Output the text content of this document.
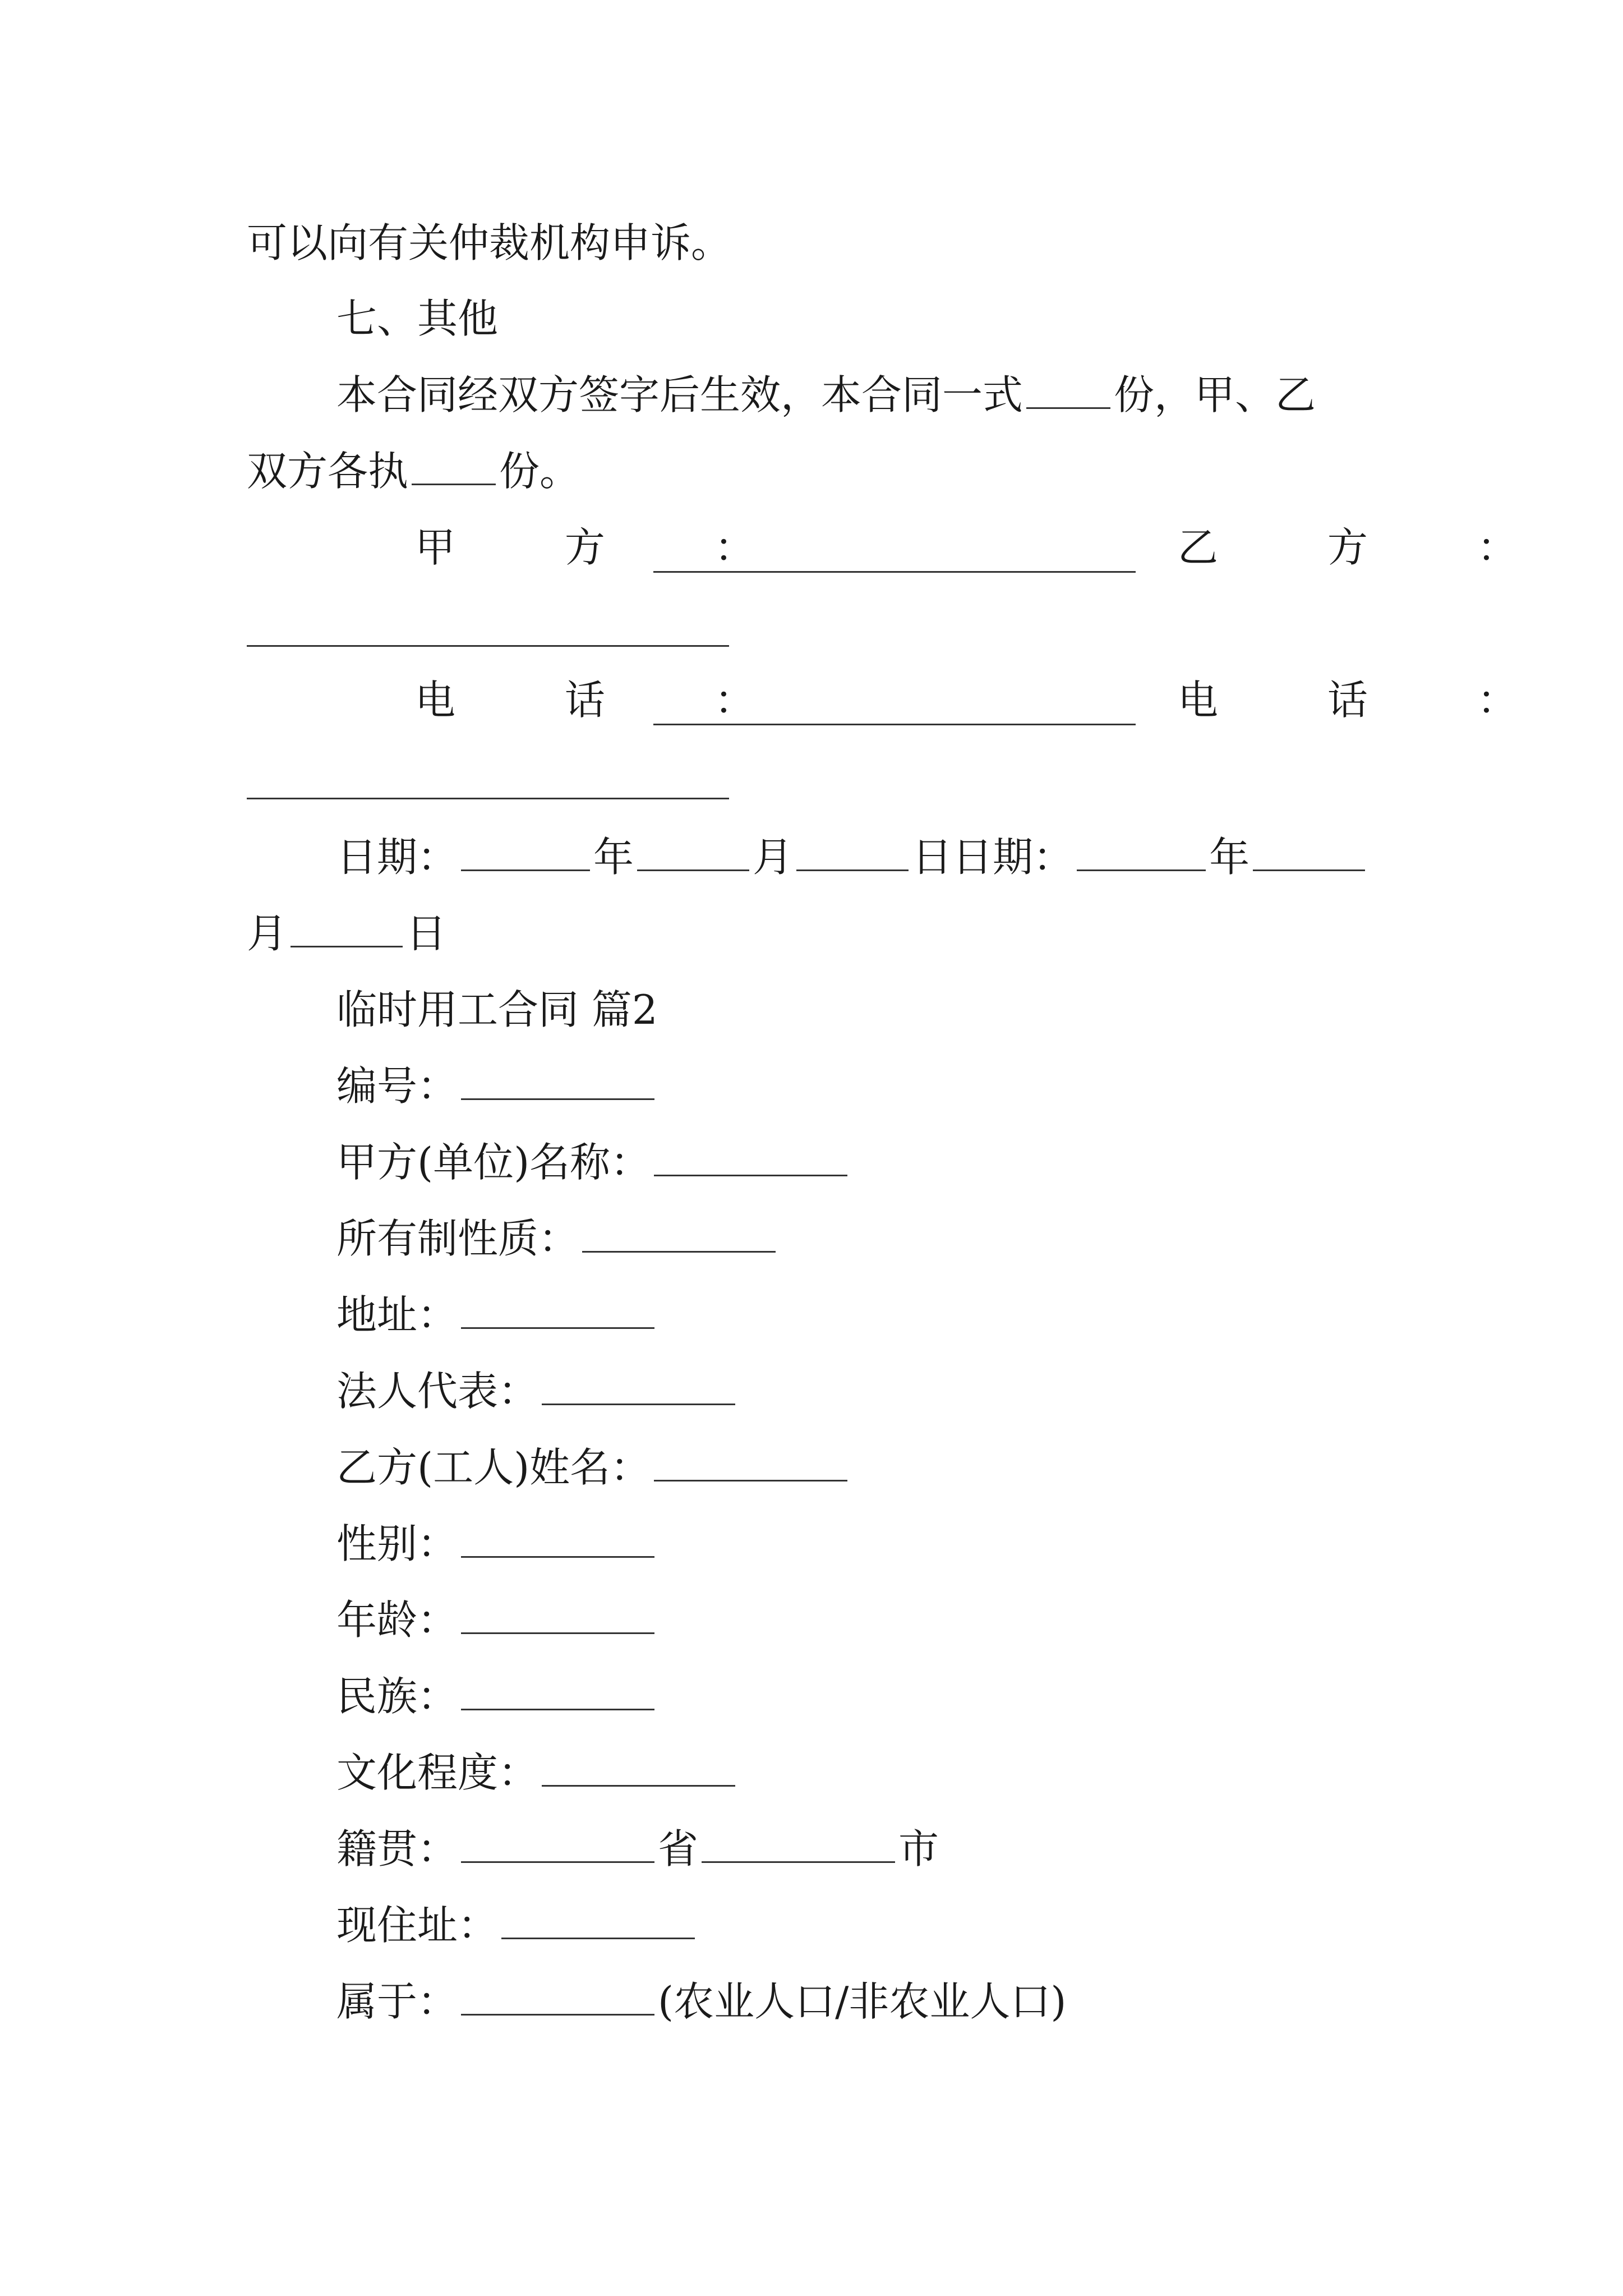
可以向有关仲裁机构申诉。
七、其他
本合同经双方签字后生效，本合同一式 份，甲、乙
双方各执 份。
甲 方 ：	乙 方 ：
电 话 ：	电 话 ：
日期：	年	月	日日期：	年
月	日
临时用工合同 篇2
编号：
甲方(单位)名称：
所有制性质：
地址：
法人代表：
乙方(工人)姓名：
性别：
年龄：
民族：
文化程度：
籍贯：	省	市
现住址：
属于：	(农业人口/非农业人口)
